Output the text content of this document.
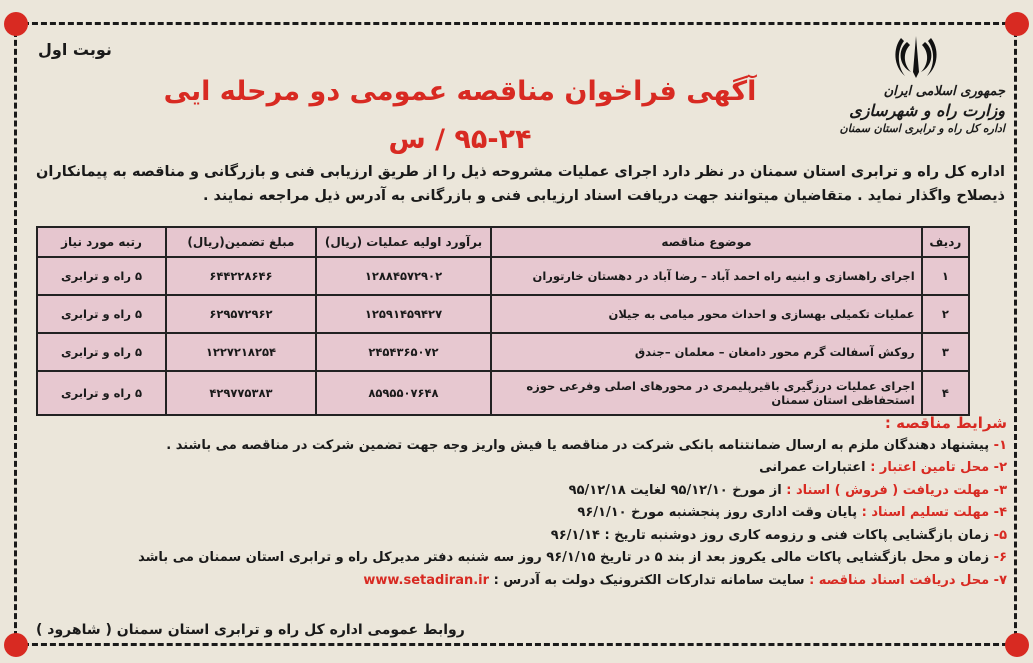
نوبت اول
آگهی فراخوان مناقصه عمومی دو مرحله ایی ۲۴-۹۵ / س
جمهوری اسلامی ایران
وزارت راه و شهرسازی
اداره کل راه و ترابری استان سمنان
اداره کل راه و ترابری استان سمنان در نظر دارد اجرای عملیات مشروحه ذیل را از طریق ارزیابی فنی و بازرگانی و مناقصه به پیمانکاران ذیصلاح واگذار نماید . متقاضیان میتوانند جهت دریافت اسناد ارزیابی فنی و بازرگانی به آدرس ذیل مراجعه نمایند .
ردیف	موضوع مناقصه	برآورد اولیه عملیات (ریال)	مبلغ تضمین(ریال)	رتبه مورد نیاز
۱	اجرای راهسازی و ابنیه راه احمد آباد – رضا آباد در دهستان خارتوران	۱۲۸۸۴۵۷۲۹۰۲	۶۴۴۲۲۸۶۴۶	۵ راه و ترابری
۲	عملیات تکمیلی بهسازی و احداث محور میامی به جیلان	۱۲۵۹۱۴۵۹۴۲۷	۶۲۹۵۷۲۹۶۲	۵ راه و ترابری
۳	روکش آسفالت گرم محور دامغان – معلمان –جندق	۲۴۵۴۳۶۵۰۷۲	۱۲۲۷۲۱۸۲۵۴	۵ راه و ترابری
۴	اجرای عملیات درزگیری باقیرپلیمری در محورهای اصلی وفرعی حوزه استحفاظی استان سمنان	۸۵۹۵۵۰۷۶۴۸	۴۲۹۷۷۵۳۸۳	۵ راه و ترابری
شرایط مناقصه :
۱- پیشنهاد دهندگان ملزم به ارسال ضمانتنامه بانکی شرکت در مناقصه یا فیش واریز وجه جهت تضمین شرکت در مناقصه می باشند .
۲- محل تامین اعتبار : اعتبارات عمرانی
۳- مهلت دریافت ( فروش ) اسناد : از مورخ ۹۵/۱۲/۱۰ لغایت ۹۵/۱۲/۱۸
۴- مهلت تسلیم اسناد : پایان وقت اداری روز پنجشنبه مورخ ۹۶/۱/۱۰
۵- زمان بازگشایی پاکات فنی و رزومه کاری روز دوشنبه تاریخ : ۹۶/۱/۱۴
۶- زمان و محل بازگشایی پاکات مالی یکروز بعد از بند ۵ در تاریخ ۹۶/۱/۱۵ روز سه شنبه دفتر مدیرکل راه و ترابری استان سمنان می باشد
۷- محل دریافت اسناد مناقصه : سایت سامانه تدارکات الکترونیک دولت به آدرس : www.setadiran.ir
روابط عمومی اداره کل راه و ترابری استان سمنان ( شاهرود )
